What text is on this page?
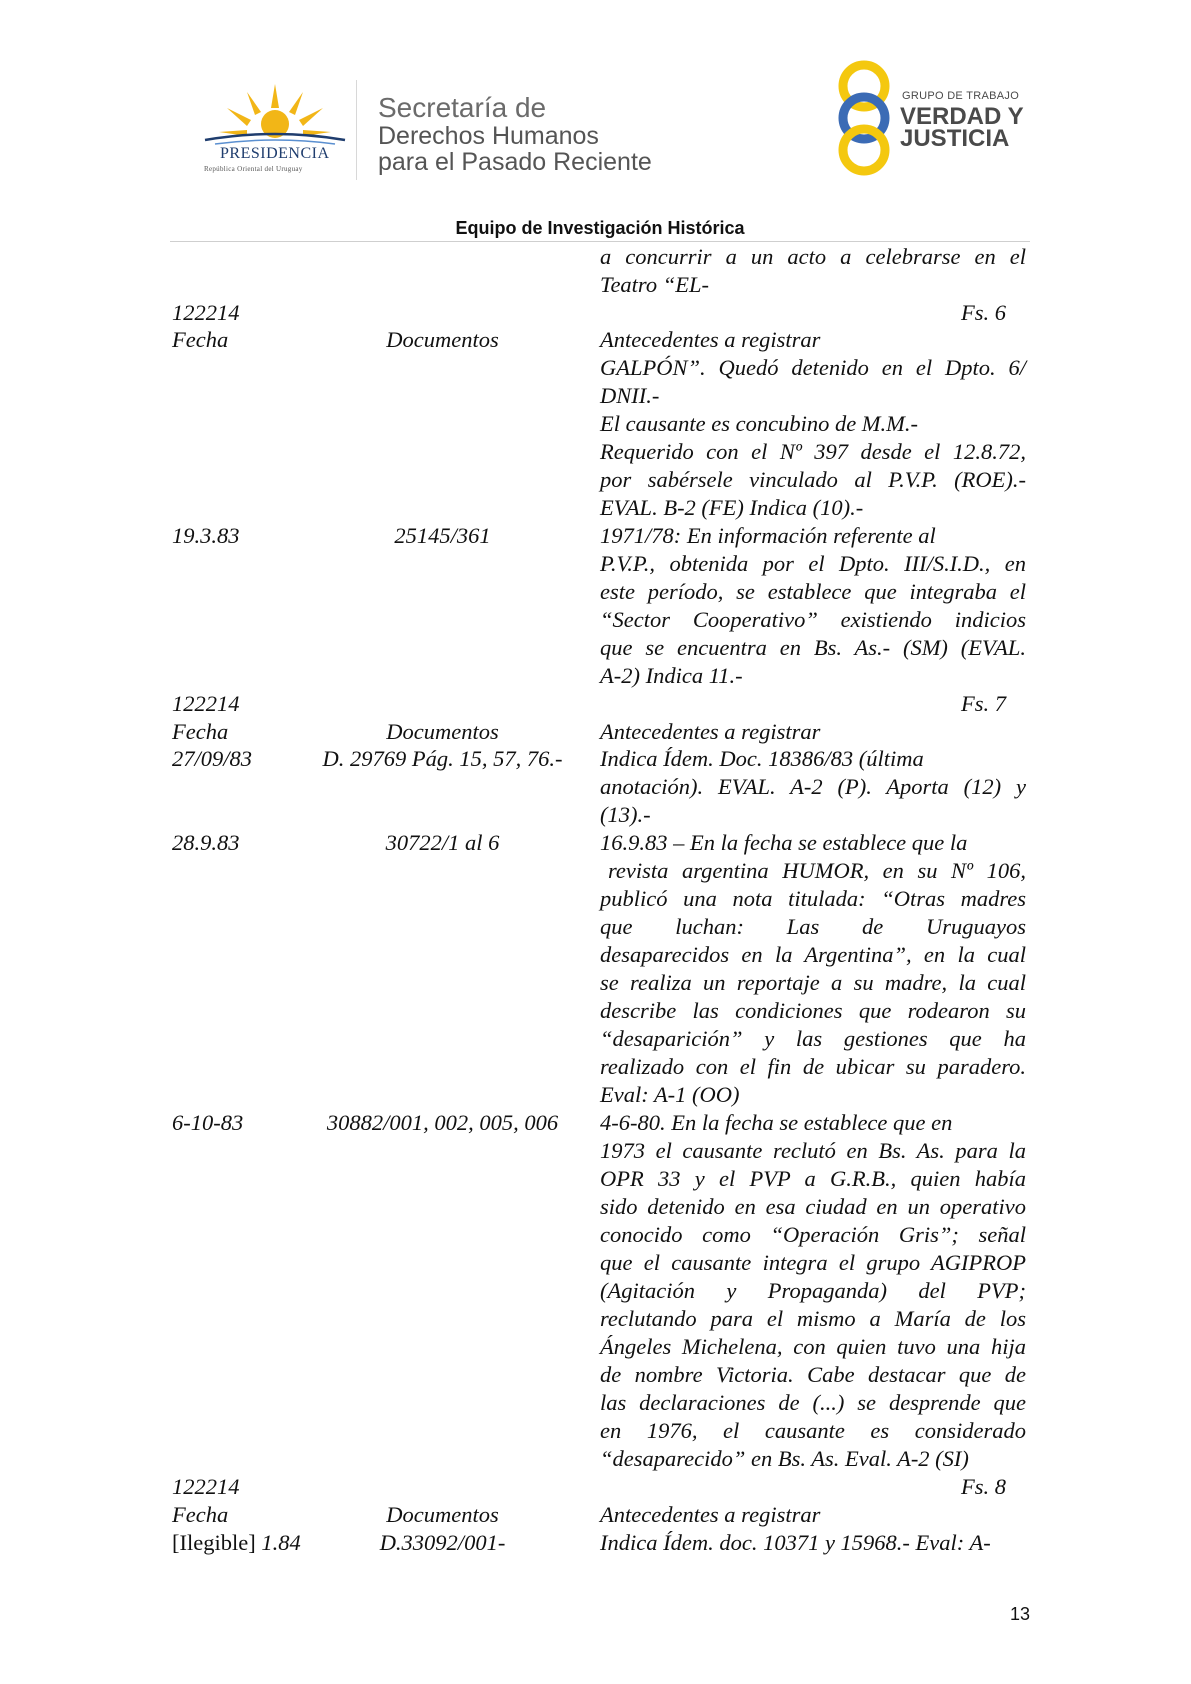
PRESIDENCIA
República Oriental del Uruguay
Secretaría de
Derechos Humanos
para el Pasado Reciente
GRUPO DE TRABAJO
VERDAD Y
JUSTICIA
Equipo de Investigación Histórica
a concurrir a un acto a celebrarse en el
Teatro “EL-
122214	Fs. 6
Fecha	Documentos	Antecedentes a registrar
GALPÓN”. Quedó detenido en el Dpto. 6/
DNII.-
El causante es concubino de M.M.-
Requerido con el Nº 397 desde el 12.8.72,
por sabérsele vinculado al P.V.P. (ROE).-
EVAL. B-2 (FE) Indica (10).-
19.3.83	25145/361	1971/78: En información referente al
P.V.P., obtenida por el Dpto. III/S.I.D., en
este período, se establece que integraba el
“Sector Cooperativo” existiendo indicios
que se encuentra en Bs. As.- (SM) (EVAL.
A-2) Indica 11.-
122214	Fs. 7
Fecha	Documentos	Antecedentes a registrar
27/09/83	D. 29769 Pág. 15, 57, 76.-	Indica Ídem. Doc. 18386/83 (última
anotación). EVAL. A-2 (P). Aporta (12) y
(13).-
28.9.83	30722/1 al 6	16.9.83 – En la fecha se establece que la
revista argentina HUMOR, en su Nº 106,
publicó una nota titulada: “Otras madres
que luchan: Las de Uruguayos
desaparecidos en la Argentina”, en la cual
se realiza un reportaje a su madre, la cual
describe las condiciones que rodearon su
“desaparición” y las gestiones que ha
realizado con el fin de ubicar su paradero.
Eval: A-1 (OO)
6-10-83	30882/001, 002, 005, 006	4-6-80. En la fecha se establece que en
1973 el causante reclutó en Bs. As. para la
OPR 33 y el PVP a G.R.B., quien había
sido detenido en esa ciudad en un operativo
conocido como “Operación Gris”; señal
que el causante integra el grupo AGIPROP
(Agitación y Propaganda) del PVP;
reclutando para el mismo a María de los
Ángeles Michelena, con quien tuvo una hija
de nombre Victoria. Cabe destacar que de
las declaraciones de (...) se desprende que
en 1976, el causante es considerado
“desaparecido” en Bs. As. Eval. A-2 (SI)
122214	Fs. 8
Fecha	Documentos	Antecedentes a registrar
[Ilegible] 1.84	D.33092/001-	Indica Ídem. doc. 10371 y 15968.- Eval: A-
13
